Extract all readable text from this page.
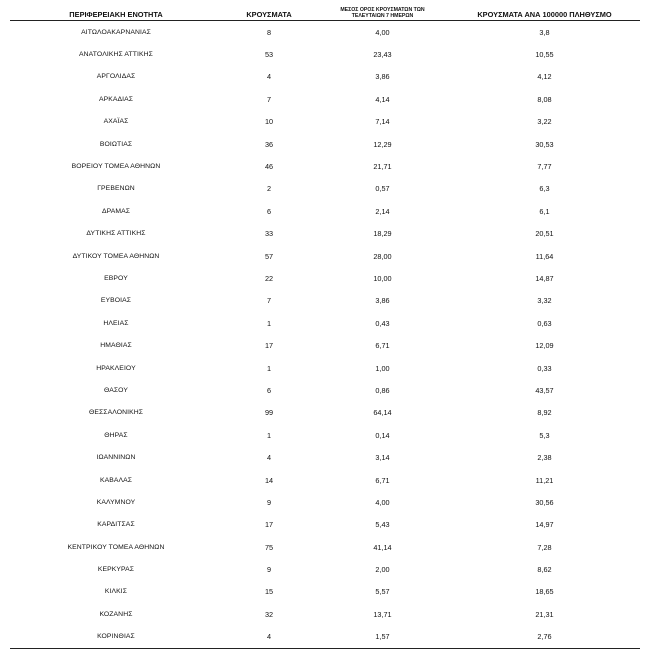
ΠΕΡΙΦΕΡΕΙΑΚΗ ΕΝΟΤΗΤΑ	ΚΡΟΥΣΜΑΤΑ	ΜΕΣΟΣ ΟΡΟΣ ΚΡΟΥΣΜΑΤΩΝ ΤΩΝ
ΤΕΛΕΥΤΑΙΩΝ 7 ΗΜΕΡΩΝ	ΚΡΟΥΣΜΑΤΑ ΑΝΑ 100000 ΠΛΗΘΥΣΜΟ
ΑΙΤΩΛΟΑΚΑΡΝΑΝΙΑΣ	8	4,00	3,8
ΑΝΑΤΟΛΙΚΗΣ ΑΤΤΙΚΗΣ	53	23,43	10,55
ΑΡΓΟΛΙΔΑΣ	4	3,86	4,12
ΑΡΚΑΔΙΑΣ	7	4,14	8,08
ΑΧΑΪΑΣ	10	7,14	3,22
ΒΟΙΩΤΙΑΣ	36	12,29	30,53
ΒΟΡΕΙΟΥ ΤΟΜΕΑ ΑΘΗΝΩΝ	46	21,71	7,77
ΓΡΕΒΕΝΩΝ	2	0,57	6,3
ΔΡΑΜΑΣ	6	2,14	6,1
ΔΥΤΙΚΗΣ ΑΤΤΙΚΗΣ	33	18,29	20,51
ΔΥΤΙΚΟΥ ΤΟΜΕΑ ΑΘΗΝΩΝ	57	28,00	11,64
ΕΒΡΟΥ	22	10,00	14,87
ΕΥΒΟΙΑΣ	7	3,86	3,32
ΗΛΕΙΑΣ	1	0,43	0,63
ΗΜΑΘΙΑΣ	17	6,71	12,09
ΗΡΑΚΛΕΙΟΥ	1	1,00	0,33
ΘΑΣΟΥ	6	0,86	43,57
ΘΕΣΣΑΛΟΝΙΚΗΣ	99	64,14	8,92
ΘΗΡΑΣ	1	0,14	5,3
ΙΩΑΝΝΙΝΩΝ	4	3,14	2,38
ΚΑΒΑΛΑΣ	14	6,71	11,21
ΚΑΛΥΜΝΟΥ	9	4,00	30,56
ΚΑΡΔΙΤΣΑΣ	17	5,43	14,97
ΚΕΝΤΡΙΚΟΥ ΤΟΜΕΑ ΑΘΗΝΩΝ	75	41,14	7,28
ΚΕΡΚΥΡΑΣ	9	2,00	8,62
ΚΙΛΚΙΣ	15	5,57	18,65
ΚΟΖΑΝΗΣ	32	13,71	21,31
ΚΟΡΙΝΘΙΑΣ	4	1,57	2,76
